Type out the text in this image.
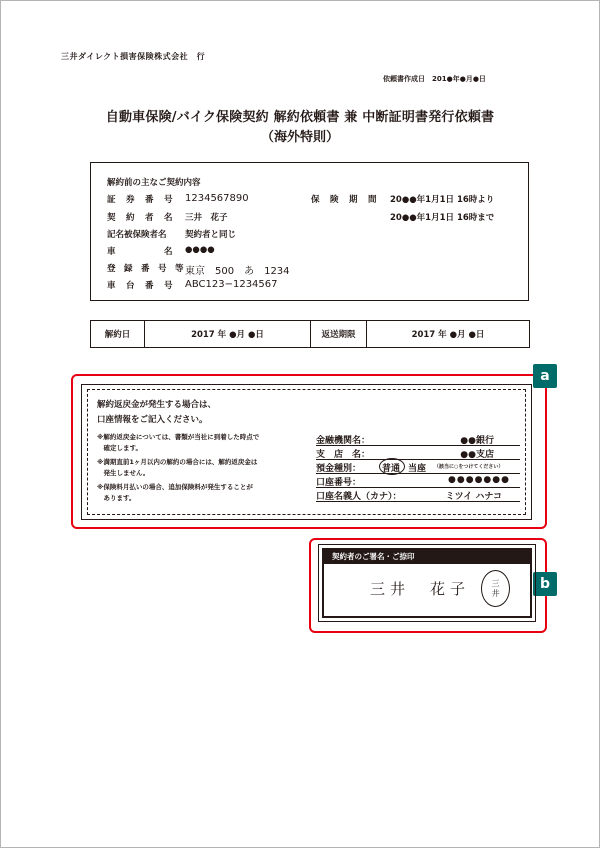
三井ダイレクト損害保険株式会社　行
依頼書作成日　201●年●月●日
自動車保険/バイク保険契約 解約依頼書 兼 中断証明書発行依頼書
（海外特則）
解約前の主なご契約内容
証　券　番　号 1234567890
契　約　者　名 三井　花子
記名被保険者名 契約者と同じ
車　　　　　名 ●●●●
登　録　番　号　等 東京　500　あ　1234
車　台　番　号 ABC123−1234567
保　険　期　間 20●●年1月1日 16時より
20●●年1月1日 16時まで
解約日	2017 年 ●月 ●日	返送期限	2017 年 ●月 ●日
a
解約返戻金が発生する場合は、
口座情報をご記入ください。
※解約返戻金については、書類が当社に到着した時点で
　確定します。
※満期直前1ヶ月以内の解約の場合には、解約返戻金は
　発生しません。
※保険料月払いの場合、追加保険料が発生することが
　あります。
金融機関名：	●●銀行
支　店　名：	●●支店
預金種別： 普通 当座 （該当に○をつけてください）
口座番号：	●●●●●●●
口座名義人（カナ）：	ミツイ ハナコ
b
契約者のご署名・ご捺印
三井　花子	三
井
